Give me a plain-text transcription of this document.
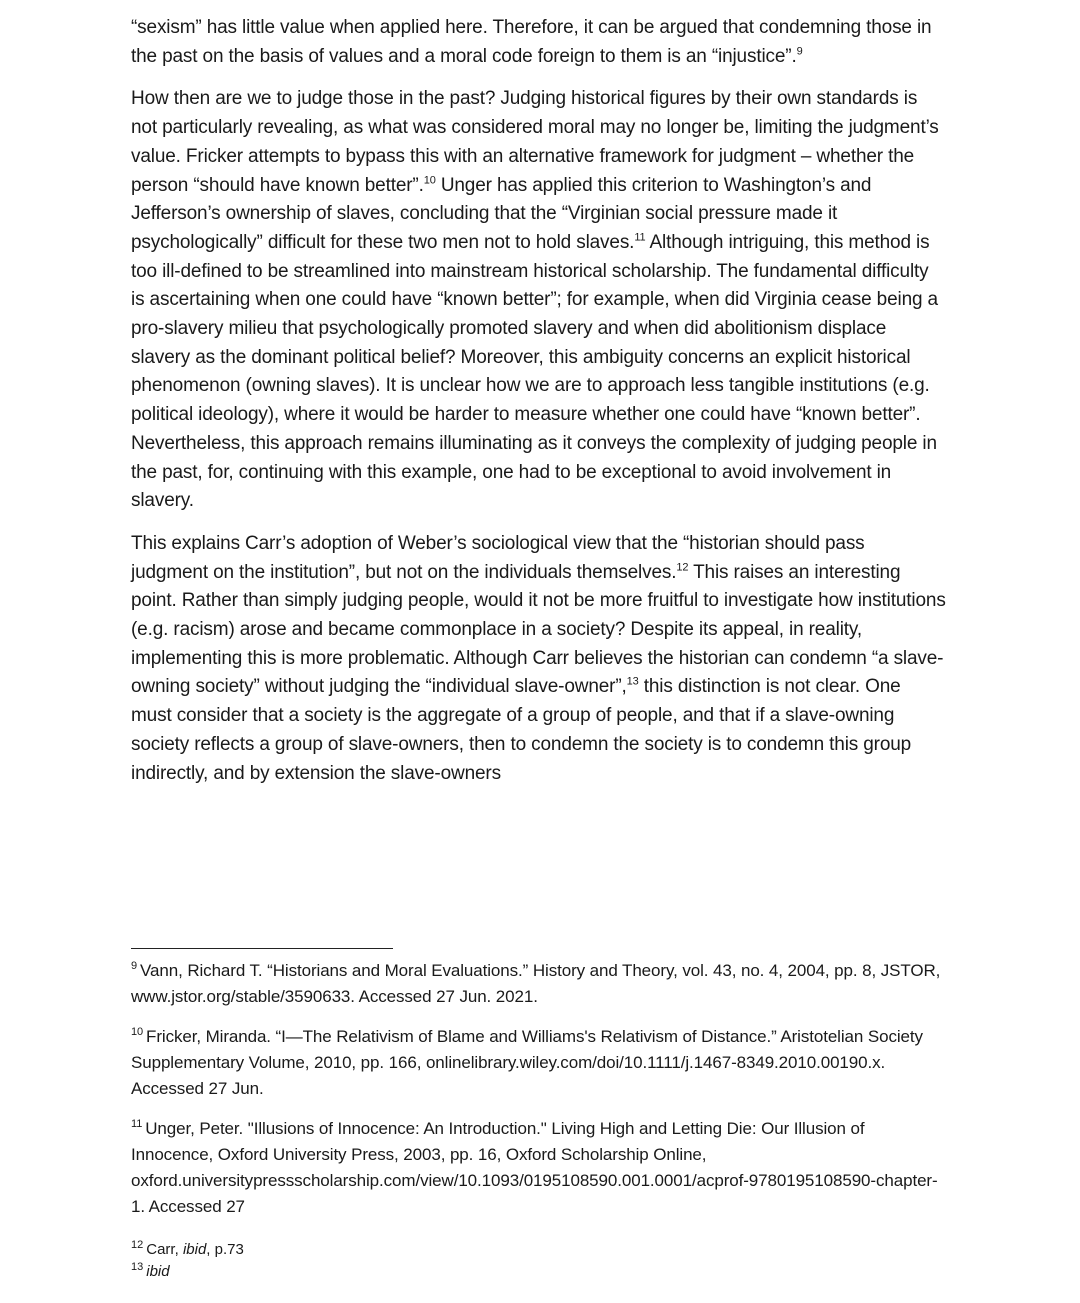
“sexism” has little value when applied here. Therefore, it can be argued that condemning those in the past on the basis of values and a moral code foreign to them is an “injustice”.$^9$

How then are we to judge those in the past? Judging historical figures by their own standards is not particularly revealing, as what was considered moral may no longer be, limiting the judgment’s value. Fricker attempts to bypass this with an alternative framework for judgment – whether the person “should have known better”.$^{10}$ Unger has applied this criterion to Washington’s and Jefferson’s ownership of slaves, concluding that the “Virginian social pressure made it psychologically” difficult for these two men not to hold slaves.$^{11}$ Although intriguing, this method is too ill-defined to be streamlined into mainstream historical scholarship. The fundamental difficulty is ascertaining when one could have “known better”; for example, when did Virginia cease being a pro-slavery milieu that psychologically promoted slavery and when did abolitionism displace slavery as the dominant political belief? Moreover, this ambiguity concerns an explicit historical phenomenon (owning slaves). It is unclear how we are to approach less tangible institutions (e.g. political ideology), where it would be harder to measure whether one could have “known better”. Nevertheless, this approach remains illuminating as it conveys the complexity of judging people in the past, for, continuing with this example, one had to be exceptional to avoid involvement in slavery.

This explains Carr’s adoption of Weber’s sociological view that the “historian should pass judgment on the institution”, but not on the individuals themselves.$^{12}$ This raises an interesting point. Rather than simply judging people, would it not be more fruitful to investigate how institutions (e.g. racism) arose and became commonplace in a society? Despite its appeal, in reality, implementing this is more problematic. Although Carr believes the historian can condemn “a slave-owning society” without judging the “individual slave-owner”,$^{13}$ this distinction is not clear. One must consider that a society is the aggregate of a group of people, and that if a slave-owning society reflects a group of slave-owners, then to condemn the society is to condemn this group indirectly, and by extension the slave-owners

$^9$ Vann, Richard T. “Historians and Moral Evaluations.” History and Theory, vol. 43, no. 4, 2004, pp. 8, JSTOR, www.jstor.org/stable/3590633. Accessed 27 Jun. 2021.

$^{10}$ Fricker, Miranda. “I—The Relativism of Blame and Williams's Relativism of Distance.” Aristotelian Society Supplementary Volume, 2010, pp. 166, onlinelibrary.wiley.com/doi/10.1111/j.1467-8349.2010.00190.x. Accessed 27 Jun.

$^{11}$ Unger, Peter. "Illusions of Innocence: An Introduction." Living High and Letting Die: Our Illusion of Innocence, Oxford University Press, 2003, pp. 16, Oxford Scholarship Online, oxford.universitypressscholarship.com/view/10.1093/0195108590.001.0001/acprof-9780195108590-chapter-1. Accessed 27

$^{12}$ Carr, ibid, p.73

$^{13}$ ibid
